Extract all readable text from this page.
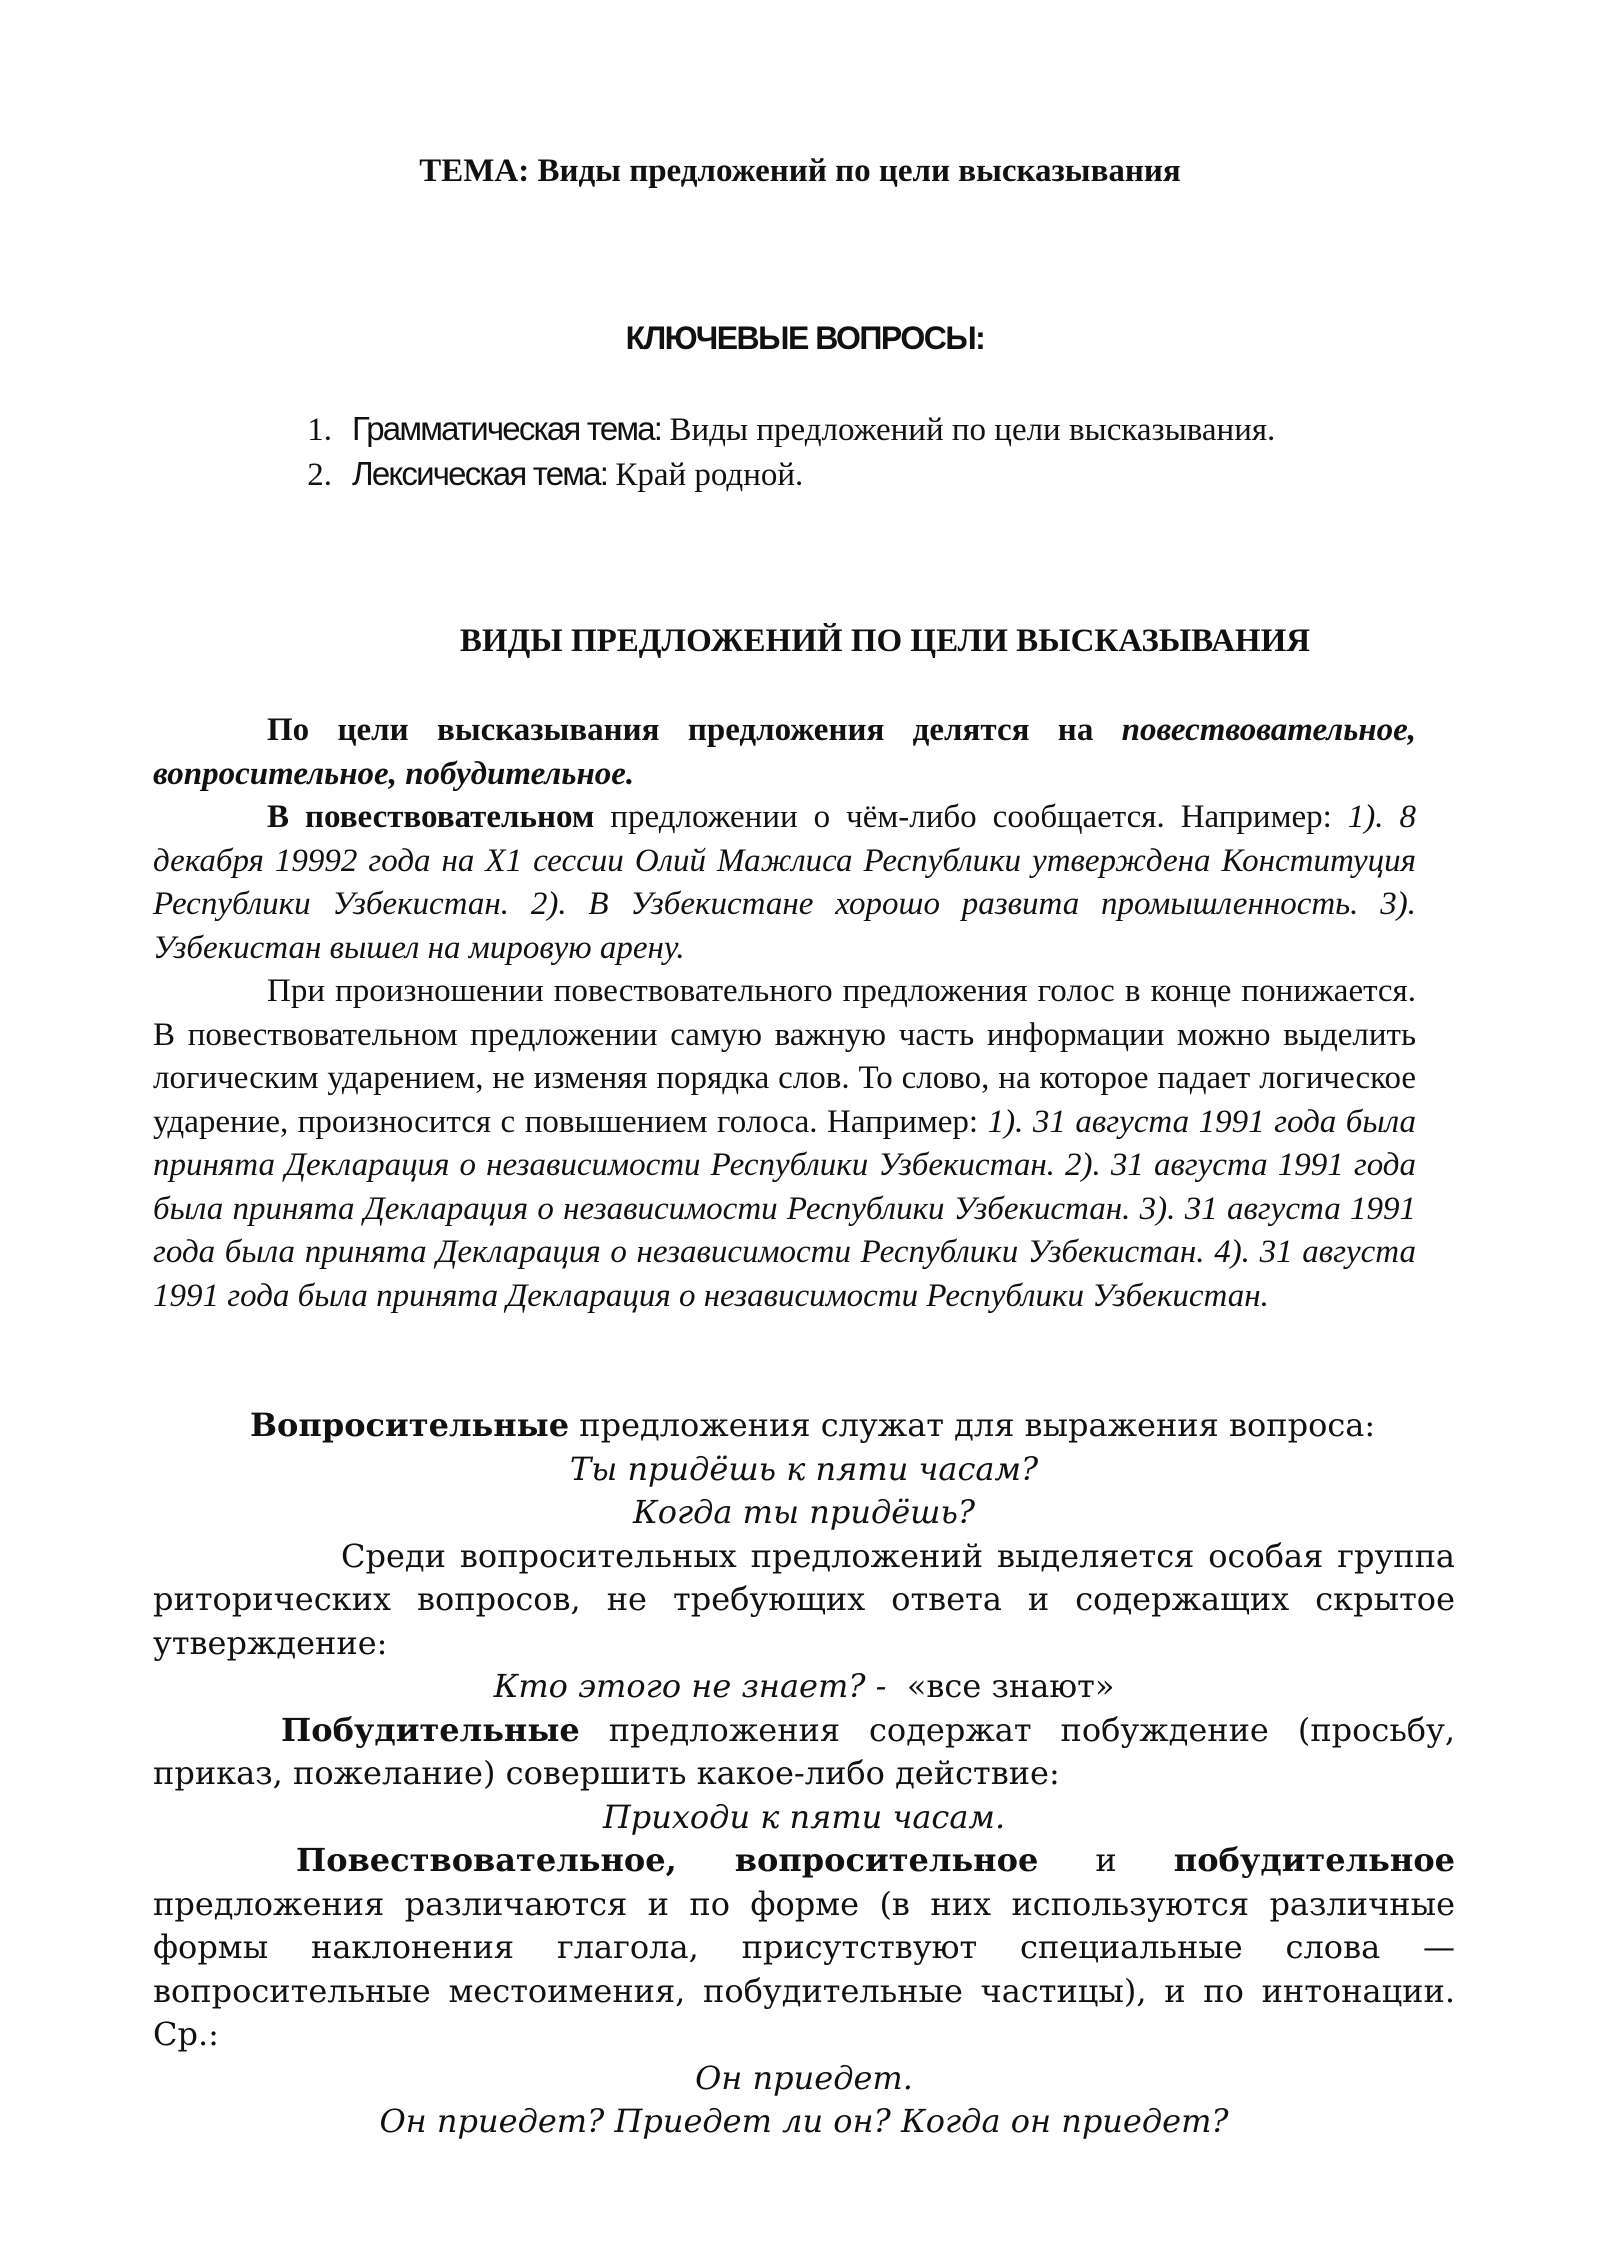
ТЕМА: Виды предложений по цели высказывания
КЛЮЧЕВЫЕ ВОПРОСЫ:
1. Грамматическая тема: Виды предложений по цели высказывания.
2. Лексическая тема: Край родной.
ВИДЫ ПРЕДЛОЖЕНИЙ ПО ЦЕЛИ ВЫСКАЗЫВАНИЯ

По цели высказывания предложения делятся на повествовательное, вопросительное, побудительное.

В повествовательном предложении о чём-либо сообщается. Например: 1). 8 декабря 19992 года на Х1 сессии Олий Мажлиса Республики утверждена Конституция Республики Узбекистан. 2). В Узбекистане хорошо развита промышленность. 3). Узбекистан вышел на мировую арену.

При произношении повествовательного предложения голос в конце понижается. В повествовательном предложении самую важную часть информации можно выделить логическим ударением, не изменяя порядка слов. То слово, на которое падает логическое ударение, произносится с повышением голоса. Например: 1). 31 августа 1991 года была принята Декларация о независимости Республики Узбекистан. 2). 31 августа 1991 года была принята Декларация о независимости Республики Узбекистан. 3). 31 августа 1991 года была принята Декларация о независимости Республики Узбекистан. 4). 31 августа 1991 года была принята Декларация о независимости Республики Узбекистан.

Вопросительные предложения служат для выражения вопроса:

Ты придёшь к пяти часам?

Когда ты придёшь?

Среди вопросительных предложений выделяется особая группа риторических вопросов, не требующих ответа и содержащих скрытое утверждение:

Кто этого не знает? - «все знают»

Побудительные предложения содержат побуждение (просьбу, приказ, пожелание) совершить какое-либо действие:

Приходи к пяти часам.

Повествовательное, вопросительное и побудительное предложения различаются и по форме (в них используются различные формы наклонения глагола, присутствуют специальные слова — вопросительные местоимения, побудительные частицы), и по интонации. Ср.:

Он приедет.

Он приедет? Приедет ли он? Когда он приедет?
